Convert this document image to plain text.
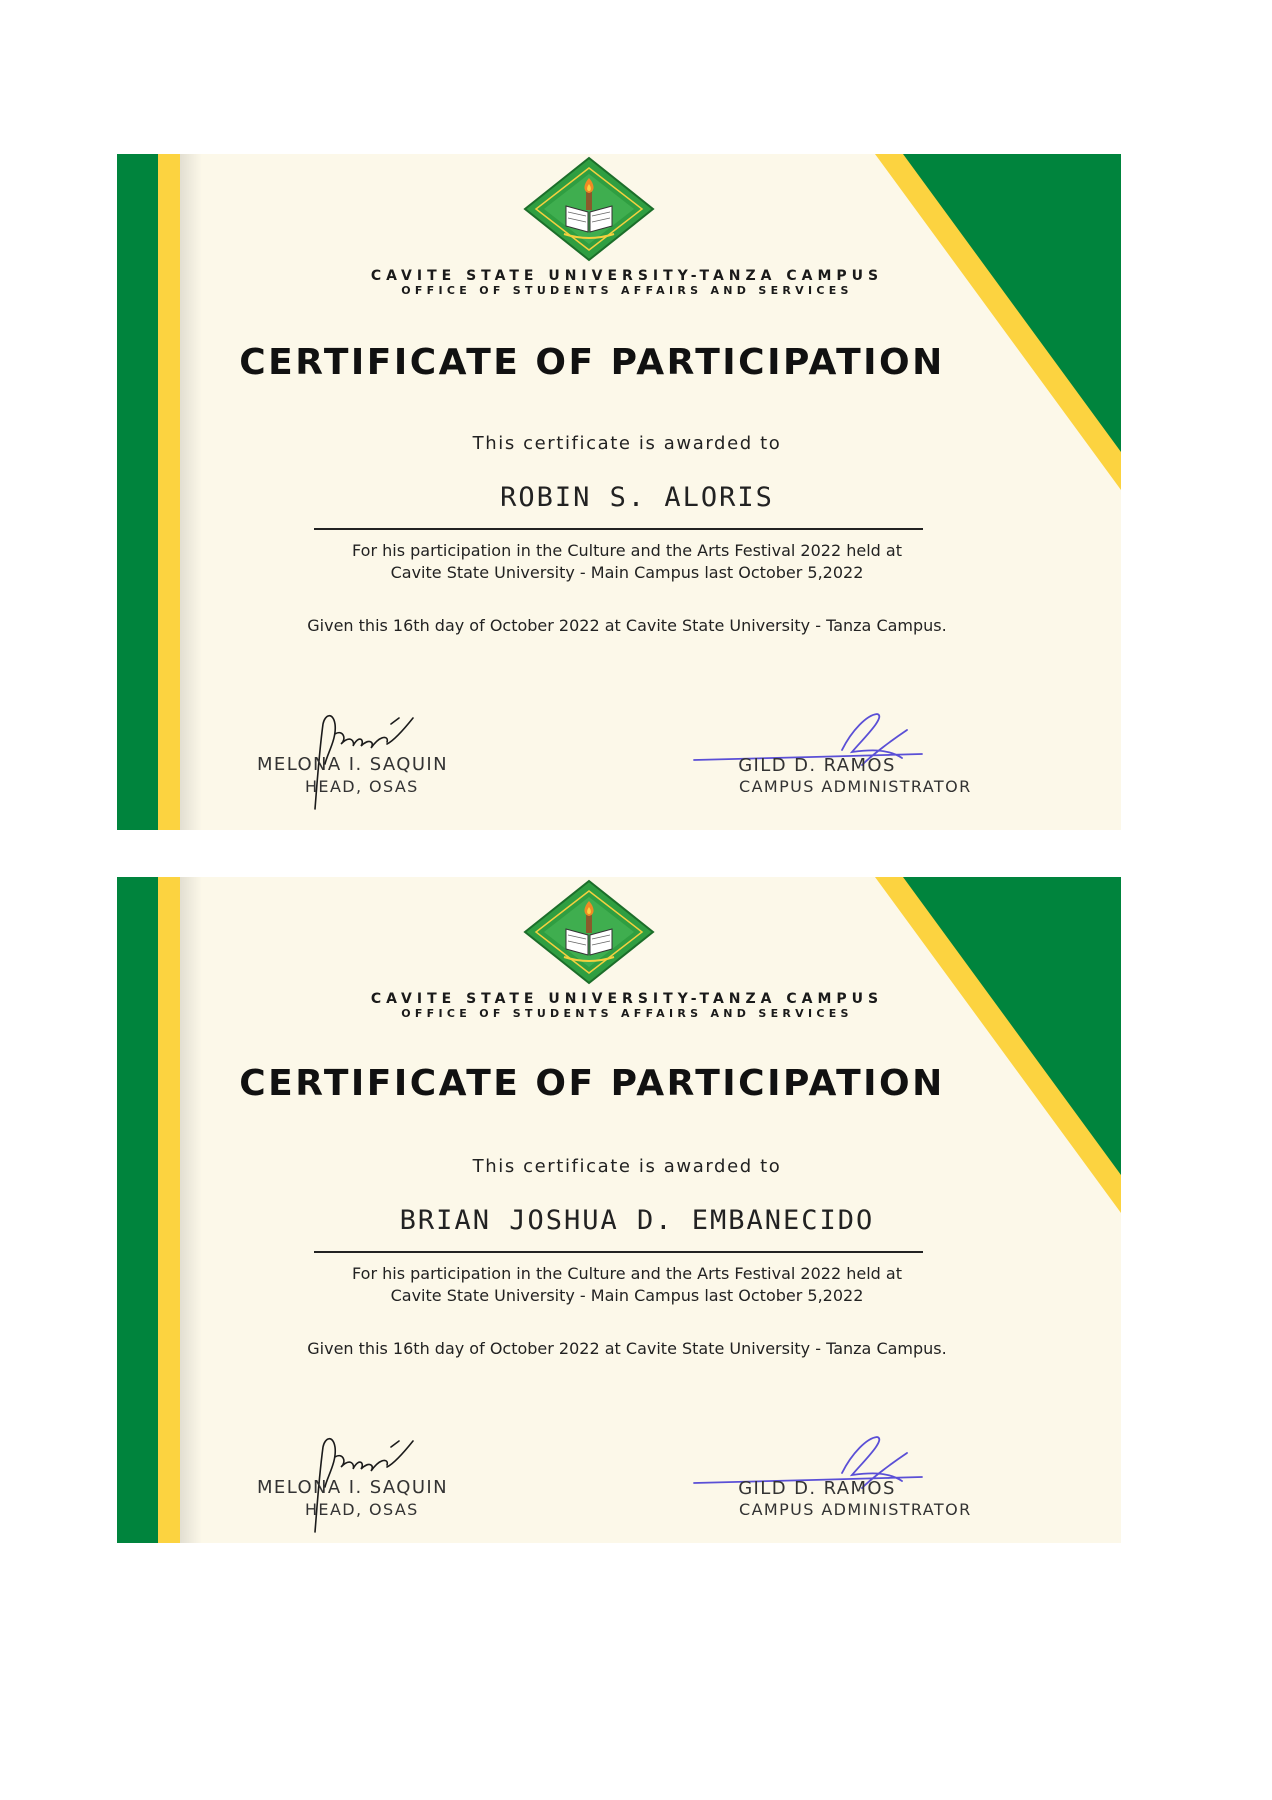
CAVITE STATE UNIVERSITY-TANZA CAMPUS
OFFICE OF STUDENTS AFFAIRS AND SERVICES
CERTIFICATE OF PARTICIPATION
This certificate is awarded to
ROBIN S. ALORIS
For his participation in the Culture and the Arts Festival 2022 held at
Cavite State University - Main Campus last October 5,2022
Given this 16th day of October 2022 at Cavite State University - Tanza Campus.
MELONA I. SAQUIN
HEAD, OSAS
GILD D. RAMOS
CAMPUS ADMINISTRATOR
CAVITE STATE UNIVERSITY-TANZA CAMPUS
OFFICE OF STUDENTS AFFAIRS AND SERVICES
CERTIFICATE OF PARTICIPATION
This certificate is awarded to
BRIAN JOSHUA D. EMBANECIDO
For his participation in the Culture and the Arts Festival 2022 held at
Cavite State University - Main Campus last October 5,2022
Given this 16th day of October 2022 at Cavite State University - Tanza Campus.
MELONA I. SAQUIN
HEAD, OSAS
GILD D. RAMOS
CAMPUS ADMINISTRATOR
